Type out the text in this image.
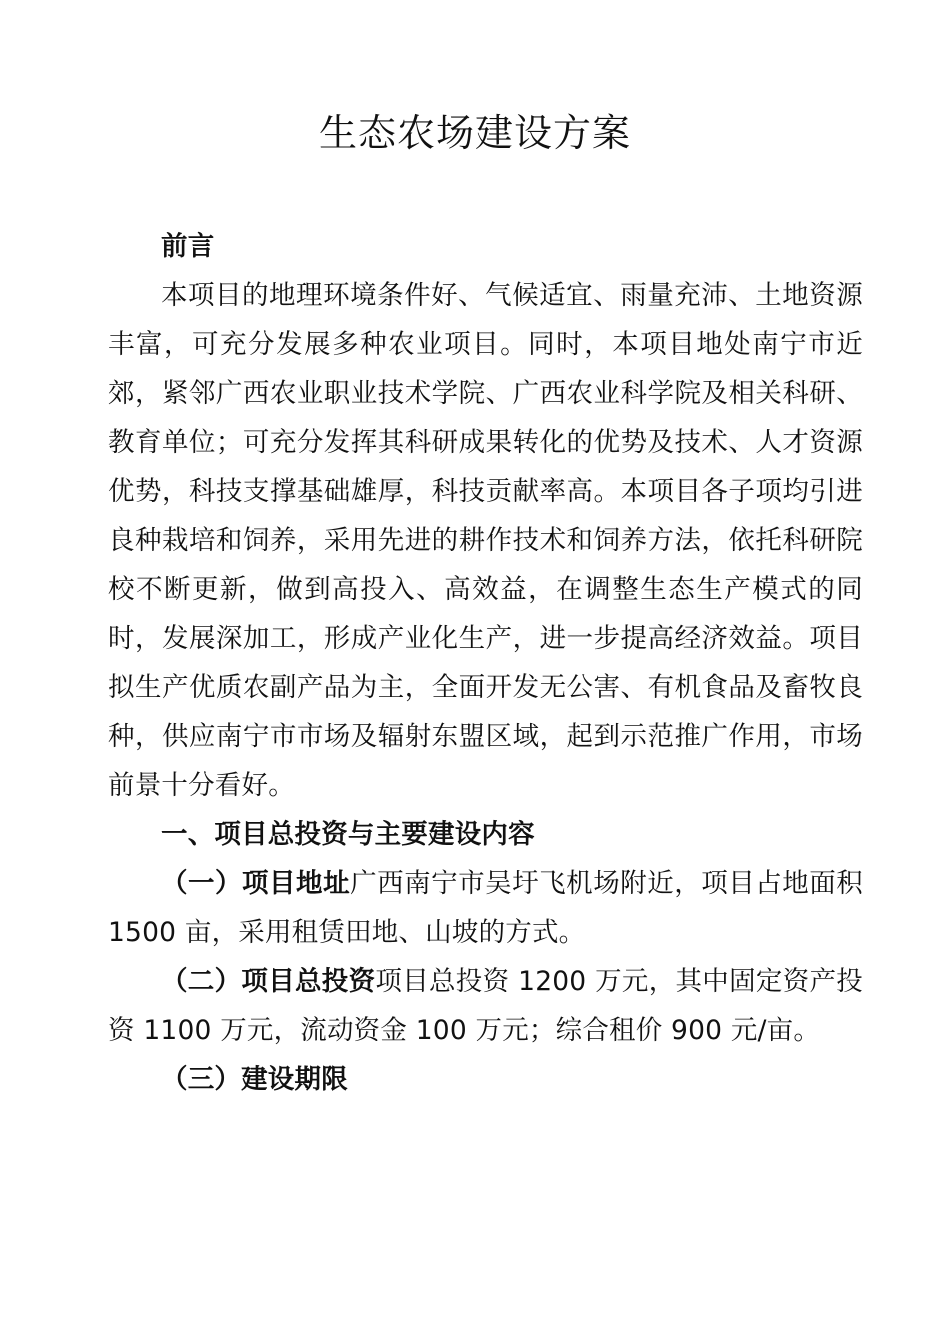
生态农场建设方案

前言

本项目的地理环境条件好、气候适宜、雨量充沛、土地资源丰富，可充分发展多种农业项目。同时，本项目地处南宁市近郊，紧邻广西农业职业技术学院、广西农业科学院及相关科研、教育单位；可充分发挥其科研成果转化的优势及技术、人才资源优势，科技支撑基础雄厚，科技贡献率高。本项目各子项均引进良种栽培和饲养，采用先进的耕作技术和饲养方法，依托科研院校不断更新，做到高投入、高效益，在调整生态生产模式的同时，发展深加工，形成产业化生产，进一步提高经济效益。项目拟生产优质农副产品为主，全面开发无公害、有机食品及畜牧良种，供应南宁市市场及辐射东盟区域，起到示范推广作用，市场前景十分看好。

一、项目总投资与主要建设内容

（一）项目地址广西南宁市吴圩飞机场附近，项目占地面积 1500 亩，采用租赁田地、山坡的方式。

（二）项目总投资项目总投资 1200 万元，其中固定资产投资 1100 万元，流动资金 100 万元；综合租价 900 元/亩。

（三）建设期限
